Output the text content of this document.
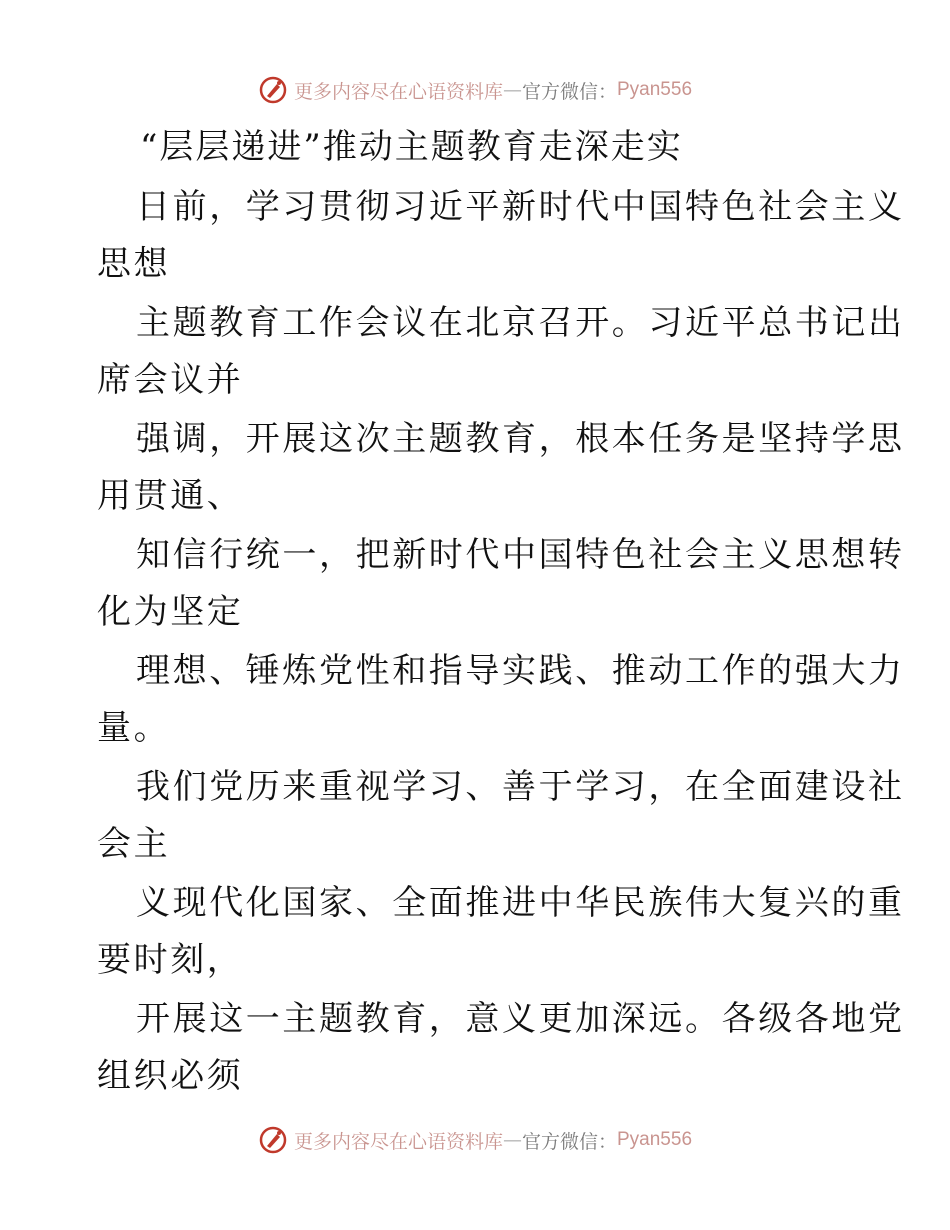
更多内容尽在心语资料库 — 官方微信： Pyan556
“层层递进”推动主题教育走深走实
日前，学习贯彻习近平新时代中国特色社会主义
思想
主题教育工作会议在北京召开。习近平总书记出
席会议并
强调，开展这次主题教育，根本任务是坚持学思
用贯通、
知信行统一，把新时代中国特色社会主义思想转
化为坚定
理想、锤炼党性和指导实践、推动工作的强大力
量。
我们党历来重视学习、善于学习，在全面建设社
会主
义现代化国家、全面推进中华民族伟大复兴的重
要时刻，
开展这一主题教育，意义更加深远。各级各地党
组织必须
更多内容尽在心语资料库 — 官方微信： Pyan556
